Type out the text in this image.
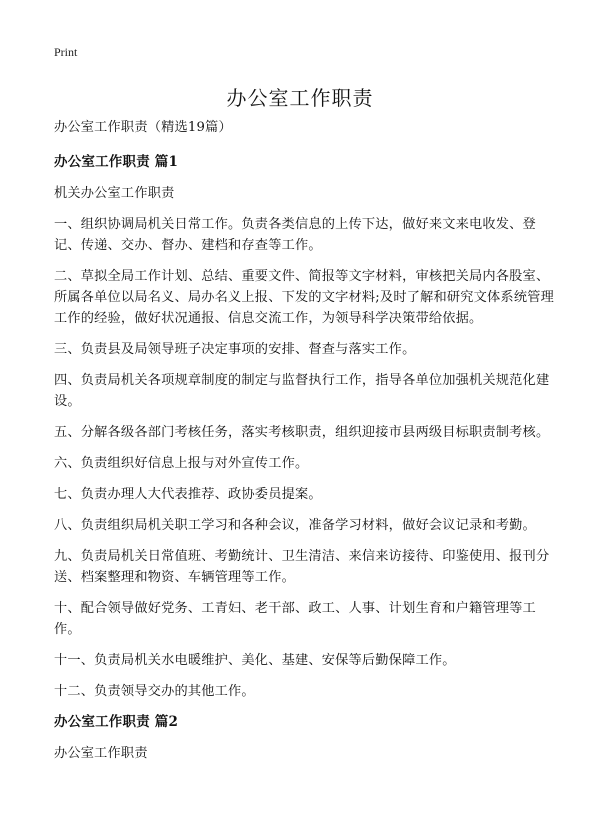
Print
办公室工作职责
办公室工作职责（精选19篇）
办公室工作职责 篇1
机关办公室工作职责
一、组织协调局机关日常工作。负责各类信息的上传下达，做好来文来电收发、登记、传递、交办、督办、建档和存查等工作。
二、草拟全局工作计划、总结、重要文件、简报等文字材料，审核把关局内各股室、所属各单位以局名义、局办名义上报、下发的文字材料;及时了解和研究文体系统管理工作的经验，做好状况通报、信息交流工作，为领导科学决策带给依据。
三、负责县及局领导班子决定事项的安排、督查与落实工作。
四、负责局机关各项规章制度的制定与监督执行工作，指导各单位加强机关规范化建设。
五、分解各级各部门考核任务，落实考核职责，组织迎接市县两级目标职责制考核。
六、负责组织好信息上报与对外宣传工作。
七、负责办理人大代表推荐、政协委员提案。
八、负责组织局机关职工学习和各种会议，准备学习材料，做好会议记录和考勤。
九、负责局机关日常值班、考勤统计、卫生清洁、来信来访接待、印鉴使用、报刊分送、档案整理和物资、车辆管理等工作。
十、配合领导做好党务、工青妇、老干部、政工、人事、计划生育和户籍管理等工作。
十一、负责局机关水电暖维护、美化、基建、安保等后勤保障工作。
十二、负责领导交办的其他工作。
办公室工作职责 篇2
办公室工作职责
